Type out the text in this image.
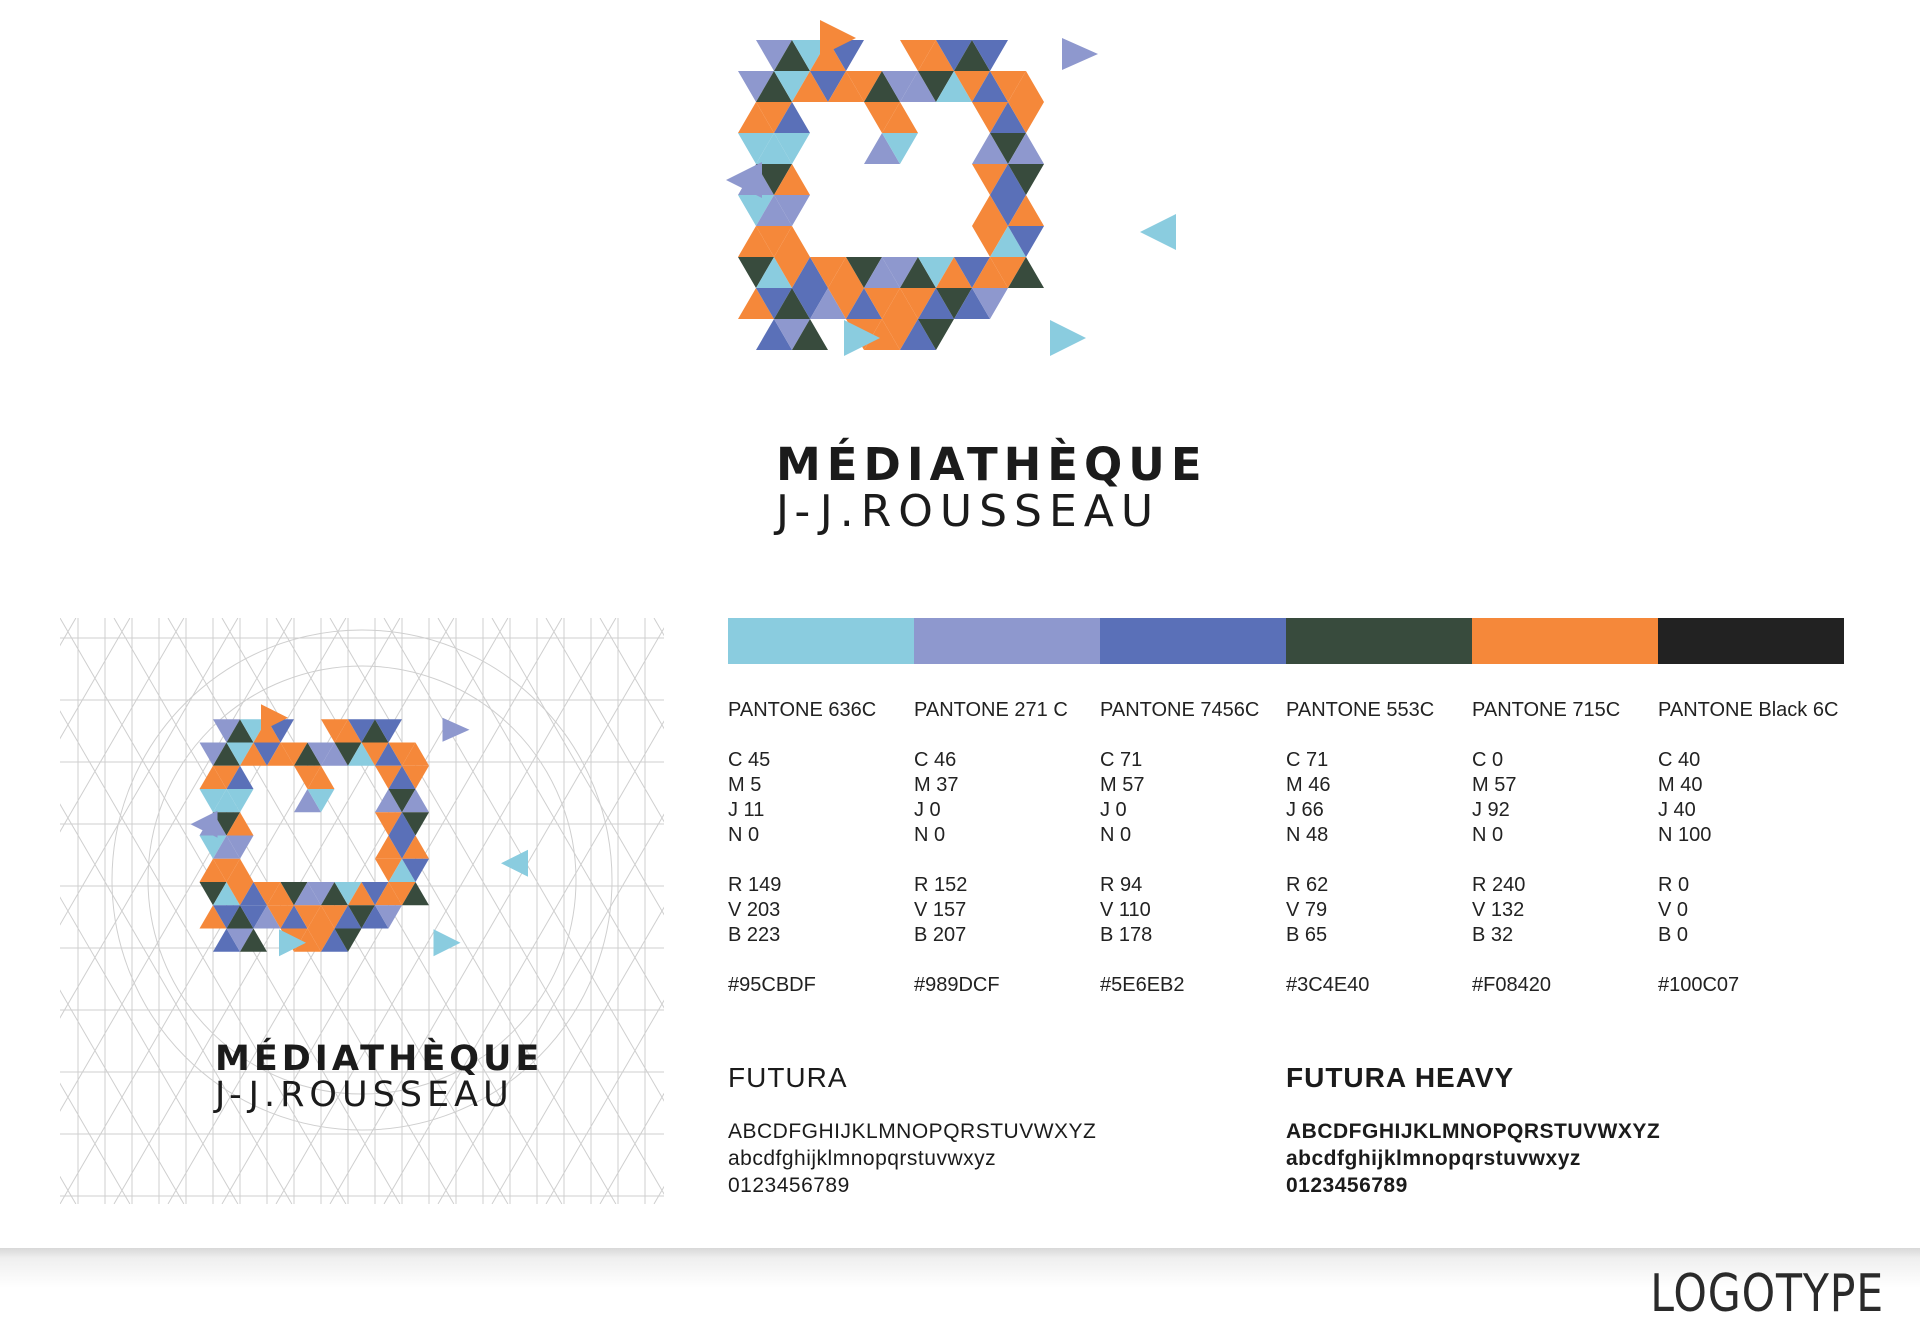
MÉDIATHÈQUE
J-J.ROUSSEAU
MÉDIATHÈQUE
J-J.ROUSSEAU
PANTONE 636C
C 45
M 5
J 11
N 0
R 149
V 203
B 223
#95CBDF
PANTONE 271 C
C 46
M 37
J 0
N 0
R 152
V 157
B 207
#989DCF
PANTONE 7456C
C 71
M 57
J 0
N 0
R 94
V 110
B 178
#5E6EB2
PANTONE 553C
C 71
M 46
J 66
N 48
R 62
V 79
B 65
#3C4E40
PANTONE 715C
C 0
M 57
J 92
N 0
R 240
V 132
B 32
#F08420
PANTONE Black 6C
C 40
M 40
J 40
N 100
R 0
V 0
B 0
#100C07
FUTURA
ABCDFGHIJKLMNOPQRSTUVWXYZ
abcdfghijklmnopqrstuvwxyz
0123456789
FUTURA HEAVY
ABCDFGHIJKLMNOPQRSTUVWXYZ
abcdfghijklmnopqrstuvwxyz
0123456789
LOGOTYPE
